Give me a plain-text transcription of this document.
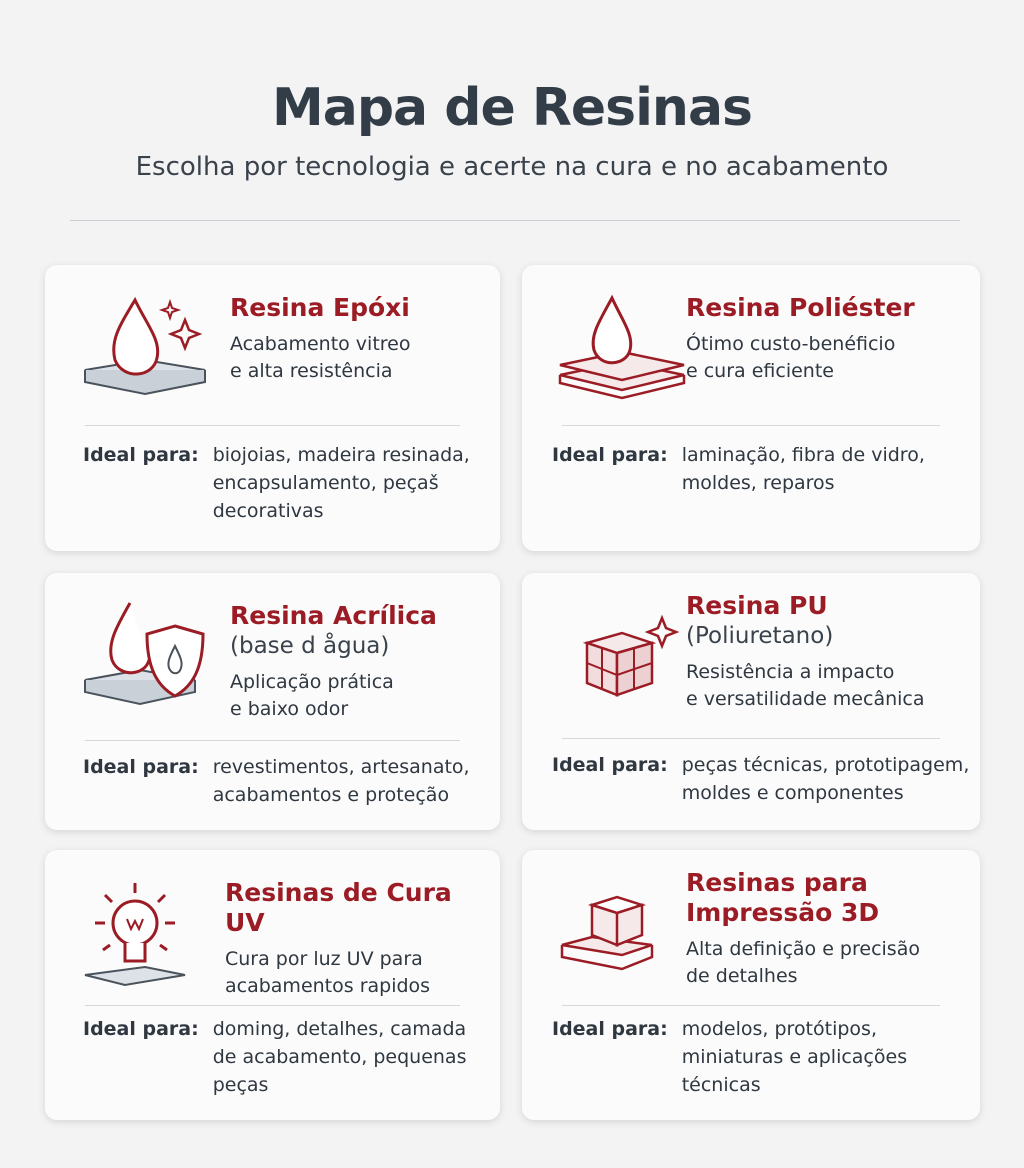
Mapa de Resinas
Escolha por tecnologia e acerte na cura e no acabamento
Resina Epóxi
Acabamento vitreo
e alta resistência
Ideal para: biojoias, madeira resinada, encapsulamento, peçaš decorativas
Resina Poliéster
Ótimo custo-benéficio
e cura eficiente
Ideal para: laminação, fibra de vidro, moldes, reparos
Resina Acrílica
(base d ågua)
Aplicação prática
e baixo odor
Ideal para: revestimentos, artesanato, acabamentos e proteção
Resina PU
(Poliuretano)
Resistência a impacto
e versatilidade mecânica
Ideal para: peças técnicas, prototipagem, moldes e componentes
Resinas de Cura UV
Cura por luz UV para
acabamentos rapidos
Ideal para: doming, detalhes, camada de acabamento, pequenas peças
Resinas para
Impressão 3D
Alta definição e precisão
de detalhes
Ideal para: modelos, protótipos, miniaturas e aplicações técnicas
